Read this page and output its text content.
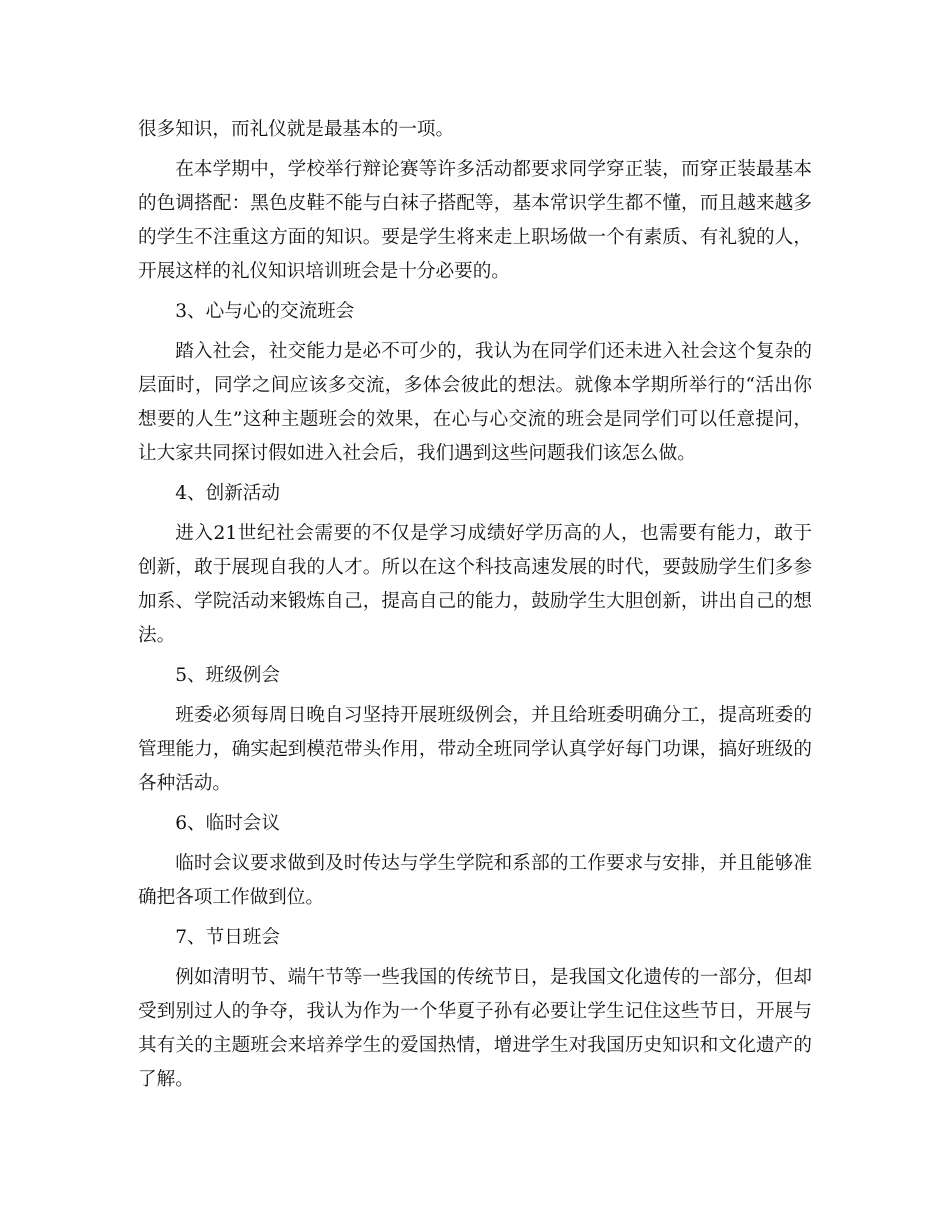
很多知识，而礼仪就是最基本的一项。

在本学期中，学校举行辩论赛等许多活动都要求同学穿正装，而穿正装最基本的色调搭配：黑色皮鞋不能与白袜子搭配等，基本常识学生都不懂，而且越来越多的学生不注重这方面的知识。要是学生将来走上职场做一个有素质、有礼貌的人，开展这样的礼仪知识培训班会是十分必要的。

3、心与心的交流班会

踏入社会，社交能力是必不可少的，我认为在同学们还未进入社会这个复杂的层面时，同学之间应该多交流，多体会彼此的想法。就像本学期所举行的“活出你想要的人生”这种主题班会的效果，在心与心交流的班会是同学们可以任意提问，让大家共同探讨假如进入社会后，我们遇到这些问题我们该怎么做。

4、创新活动

进入21世纪社会需要的不仅是学习成绩好学历高的人，也需要有能力，敢于创新，敢于展现自我的人才。所以在这个科技高速发展的时代，要鼓励学生们多参加系、学院活动来锻炼自己，提高自己的能力，鼓励学生大胆创新，讲出自己的想法。

5、班级例会

班委必须每周日晚自习坚持开展班级例会，并且给班委明确分工，提高班委的管理能力，确实起到模范带头作用，带动全班同学认真学好每门功课，搞好班级的各种活动。

6、临时会议

临时会议要求做到及时传达与学生学院和系部的工作要求与安排，并且能够准确把各项工作做到位。

7、节日班会

例如清明节、端午节等一些我国的传统节日，是我国文化遗传的一部分，但却受到别过人的争夺，我认为作为一个华夏子孙有必要让学生记住这些节日，开展与其有关的主题班会来培养学生的爱国热情，增进学生对我国历史知识和文化遗产的了解。
